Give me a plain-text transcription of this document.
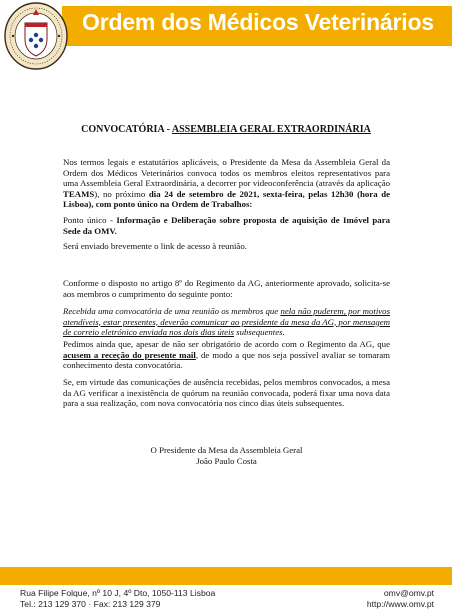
Ordem dos Médicos Veterinários
CONVOCATÓRIA - ASSEMBLEIA GERAL EXTRAORDINÁRIA

Nos termos legais e estatutários aplicáveis, o Presidente da Mesa da Assembleia Geral da Ordem dos Médicos Veterinários convoca todos os membros eleitos representativos para uma Assembleia Geral Extraordinária, a decorrer por videoconferência (através da aplicação TEAMS), no próximo dia 24 de setembro de 2021, sexta-feira, pelas 12h30 (hora de Lisboa), com ponto único na Ordem de Trabalhos:

Ponto único - Informação e Deliberação sobre proposta de aquisição de Imóvel para Sede da OMV.

Será enviado brevemente o link de acesso à reunião.

Conforme o disposto no artigo 8º do Regimento da AG, anteriormente aprovado, solicita-se aos membros o cumprimento do seguinte ponto:

Recebida uma convocatória de uma reunião os membros que nela não puderem, por motivos atendíveis, estar presentes, deverão comunicar ao presidente da mesa da AG, por mensagem de correio eletrónico enviada nos dois dias úteis subsequentes.

Pedimos ainda que, apesar de não ser obrigatório de acordo com o Regimento da AG, que acusem a receção do presente mail, de modo a que nos seja possível avaliar se tomaram conhecimento desta convocatória.

Se, em virtude das comunicações de ausência recebidas, pelos membros convocados, a mesa da AG verificar a inexistência de quórum na reunião convocada, poderá fixar uma nova data para a sua realização, com nova convocatória nos cinco dias úteis subsequentes.

O Presidente da Mesa da Assembleia Geral
João Paulo Costa
Rua Filipe Folque, nº 10 J, 4º Dto, 1050-113 Lisboa
Tel.: 213 129 370 · Fax: 213 129 379
omv@omv.pt
http://www.omv.pt
